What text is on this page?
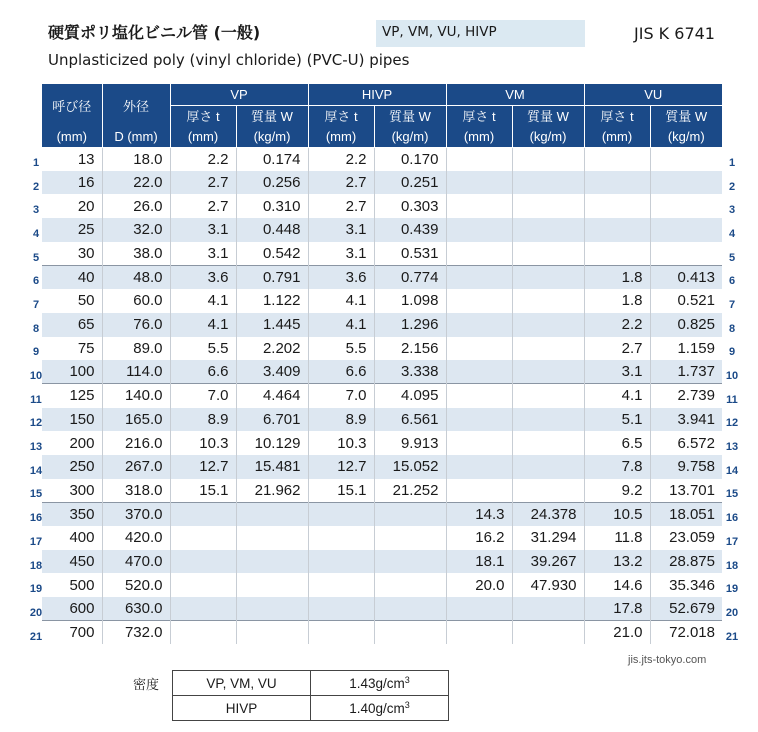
硬質ポリ塩化ビニル管 (一般)
Unplasticized poly (vinyl chloride) (PVC-U) pipes
VP, VM, VU, HIVP	JIS K 6741
呼び径	外径	VP		HIVP		VM		VU	
		厚さ t	質量 W	厚さ t	質量 W	厚さ t	質量 W	厚さ t	質量 W
(mm)	D (mm)	(mm)	(kg/m)	(mm)	(kg/m)	(mm)	(kg/m)	(mm)	(kg/m)
13	18.0	2.2	0.174	2.2	0.170				
16	22.0	2.7	0.256	2.7	0.251				
20	26.0	2.7	0.310	2.7	0.303				
25	32.0	3.1	0.448	3.1	0.439				
30	38.0	3.1	0.542	3.1	0.531				
40	48.0	3.6	0.791	3.6	0.774			1.8	0.413
50	60.0	4.1	1.122	4.1	1.098			1.8	0.521
65	76.0	4.1	1.445	4.1	1.296			2.2	0.825
75	89.0	5.5	2.202	5.5	2.156			2.7	1.159
100	114.0	6.6	3.409	6.6	3.338			3.1	1.737
125	140.0	7.0	4.464	7.0	4.095			4.1	2.739
150	165.0	8.9	6.701	8.9	6.561			5.1	3.941
200	216.0	10.3	10.129	10.3	9.913			6.5	6.572
250	267.0	12.7	15.481	12.7	15.052			7.8	9.758
300	318.0	15.1	21.962	15.1	21.252			9.2	13.701
350	370.0					14.3	24.378	10.5	18.051
400	420.0					16.2	31.294	11.8	23.059
450	470.0					18.1	39.267	13.2	28.875
500	520.0					20.0	47.930	14.6	35.346
600	630.0							17.8	52.679
700	732.0							21.0	72.018
1	1
2	2
3	3
4	4
5	5
6	6
7	7
8	8
9	9
10	10
11	11
12	12
13	13
14	14
15	15
16	16
17	17
18	18
19	19
20	20
21	21
jis.jts-tokyo.com
密度	VP, VM, VU	$1.43g/cm^3$
HIVP	$1.40g/cm^3$
